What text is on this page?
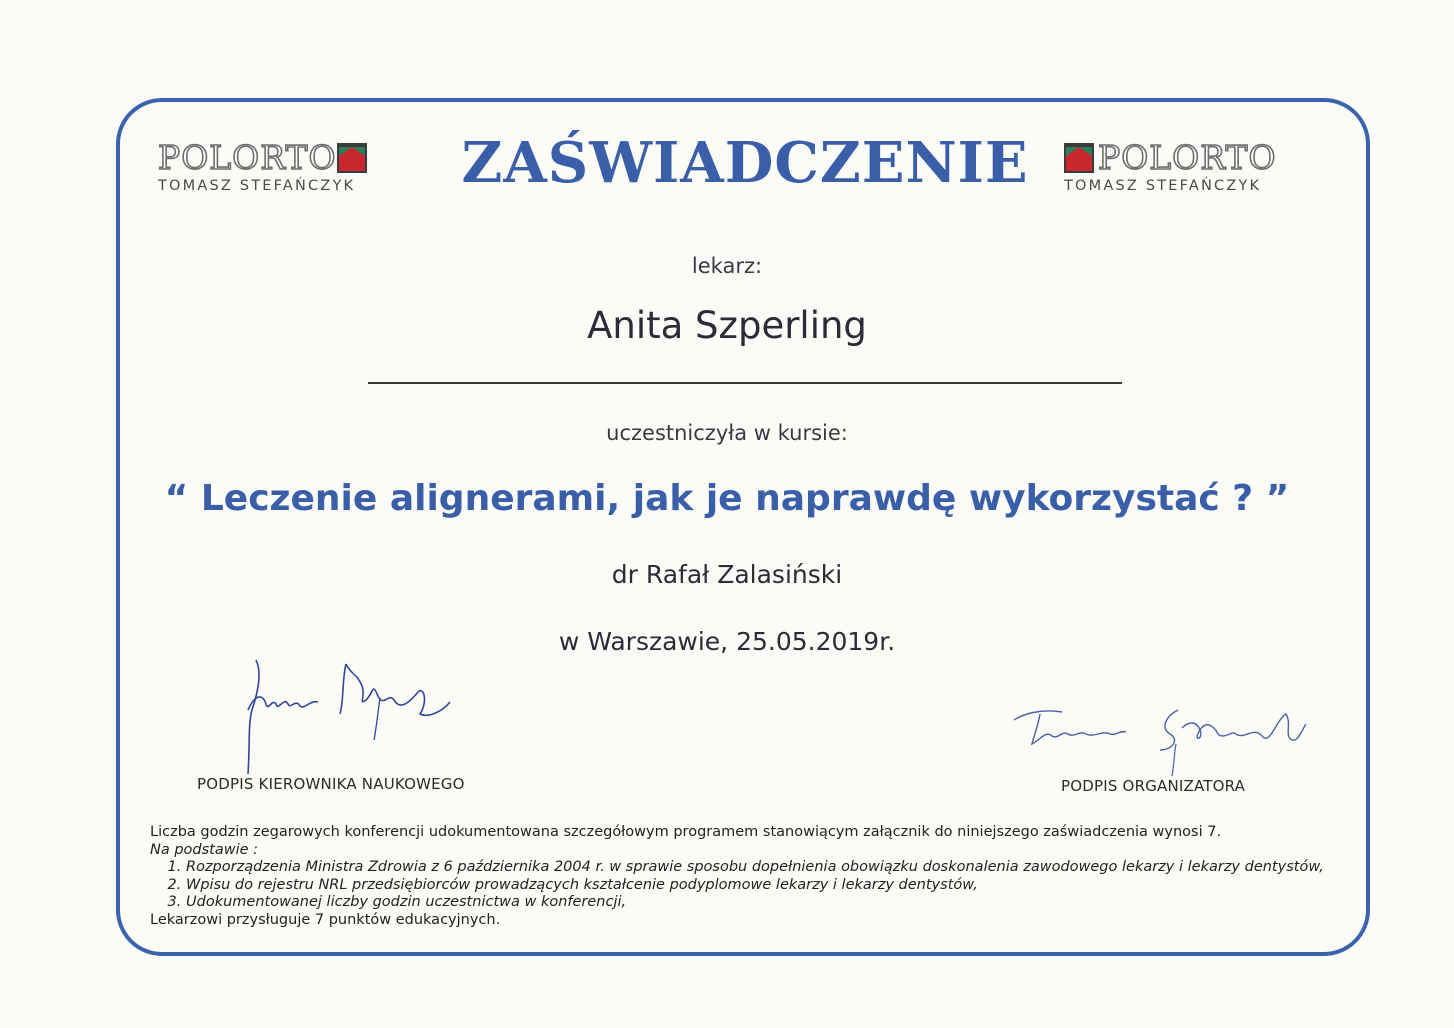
POLORTO
TOMASZ STEFAŃCZYK	ZAŚWIADCZENIE	POLORTO
TOMASZ STEFAŃCZYK
lekarz:
Anita Szperling
uczestniczyła w kursie:
“ Leczenie alignerami, jak je naprawdę wykorzystać ? ”
dr Rafał Zalasiński
w Warszawie, 25.05.2019r.
PODPIS KIEROWNIKA NAUKOWEGO	PODPIS ORGANIZATORA
Liczba godzin zegarowych konferencji udokumentowana szczegółowym programem stanowiącym załącznik do niniejszego zaświadczenia wynosi 7.
Na podstawie :
1. Rozporządzenia Ministra Zdrowia z 6 października 2004 r. w sprawie sposobu dopełnienia obowiązku doskonalenia zawodowego lekarzy i lekarzy dentystów,
2. Wpisu do rejestru NRL przedsiębiorców prowadzących kształcenie podyplomowe lekarzy i lekarzy dentystów,
3. Udokumentowanej liczby godzin uczestnictwa w konferencji,
Lekarzowi przysługuje 7 punktów edukacyjnych.
